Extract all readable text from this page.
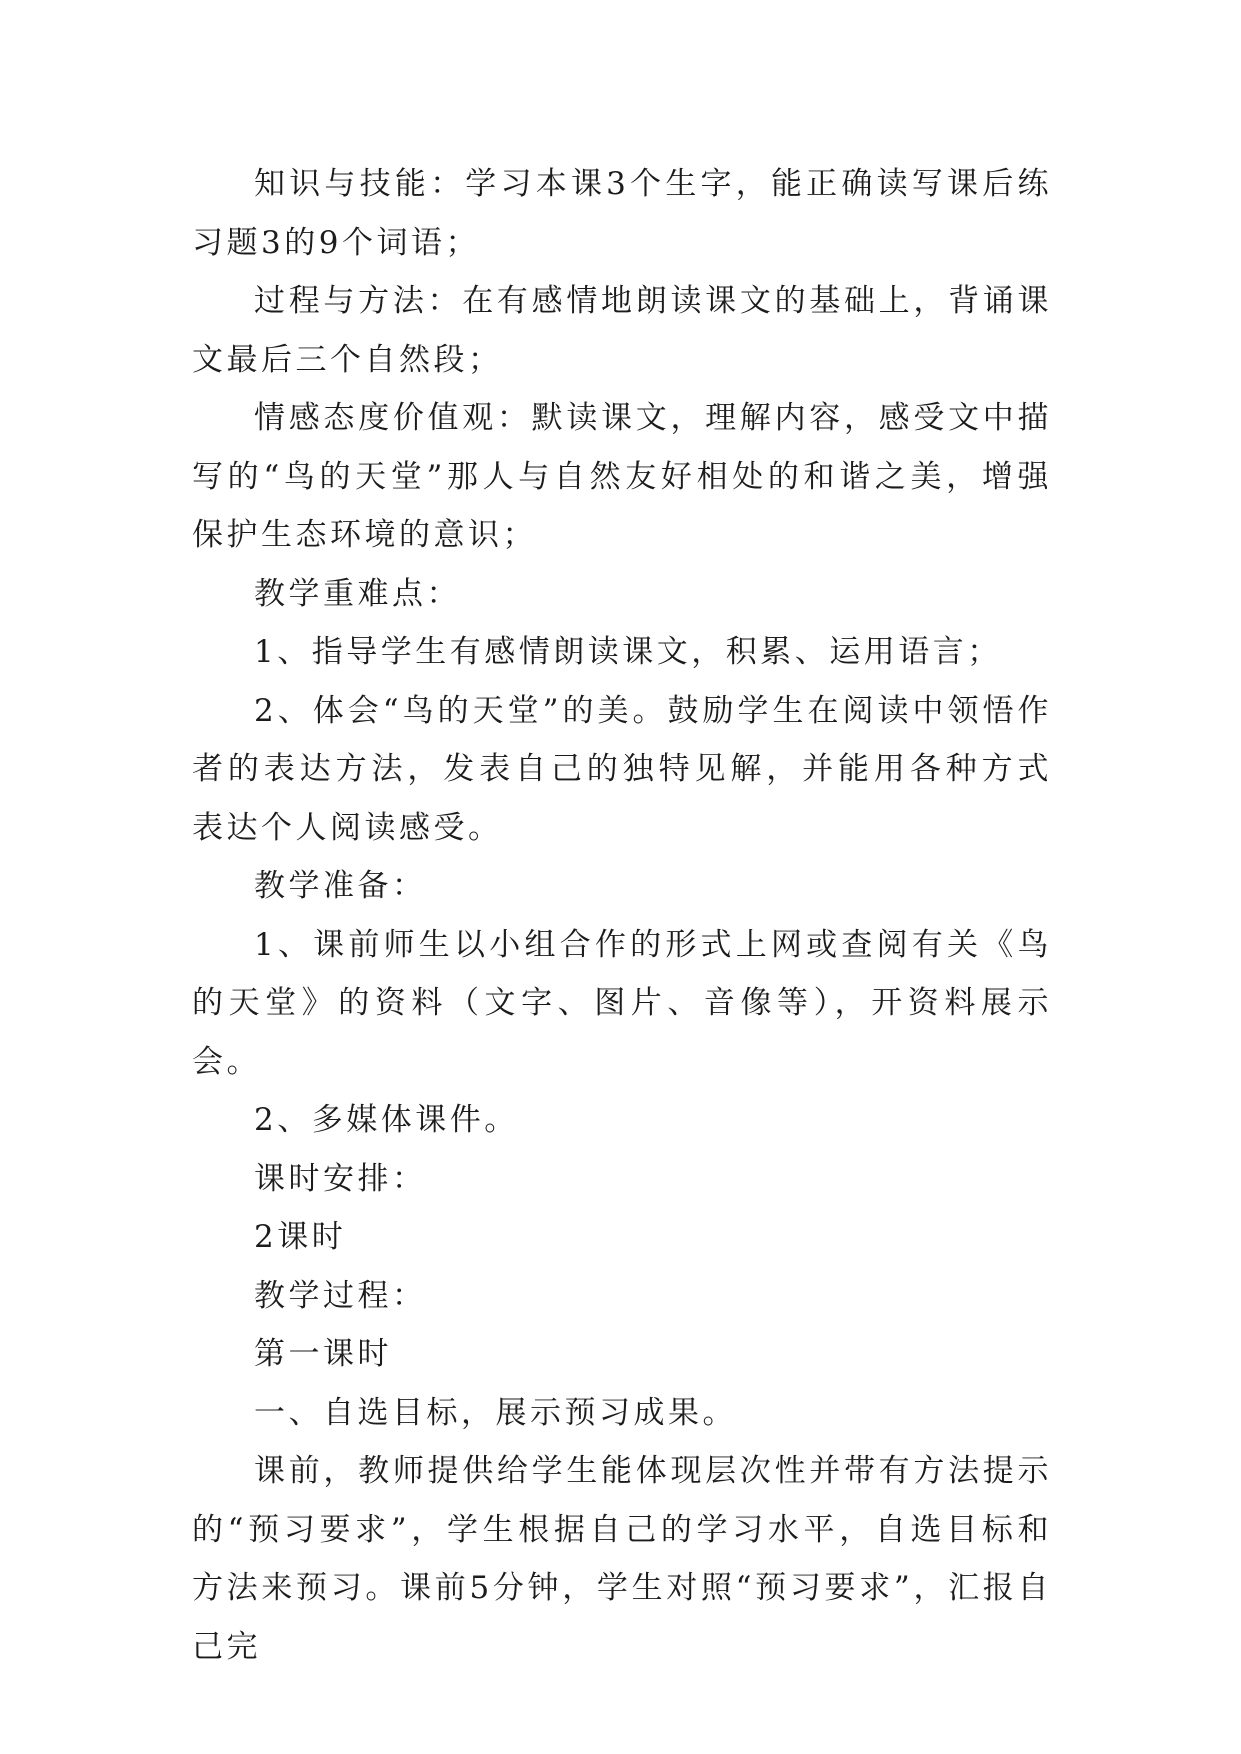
知识与技能：学习本课3个生字，能正确读写课后练习题3的9个词语；

过程与方法：在有感情地朗读课文的基础上，背诵课文最后三个自然段；

情感态度价值观：默读课文，理解内容，感受文中描写的“鸟的天堂”那人与自然友好相处的和谐之美，增强保护生态环境的意识；

教学重难点：

1、指导学生有感情朗读课文，积累、运用语言；

2、体会“鸟的天堂”的美。鼓励学生在阅读中领悟作者的表达方法，发表自己的独特见解，并能用各种方式表达个人阅读感受。

教学准备：

1、课前师生以小组合作的形式上网或查阅有关《鸟的天堂》的资料（文字、图片、音像等），开资料展示会。

2、多媒体课件。

课时安排：

2课时

教学过程：

第一课时

一、自选目标，展示预习成果。

课前，教师提供给学生能体现层次性并带有方法提示的“预习要求”，学生根据自己的学习水平，自选目标和方法来预习。课前5分钟，学生对照“预习要求”，汇报自己完
